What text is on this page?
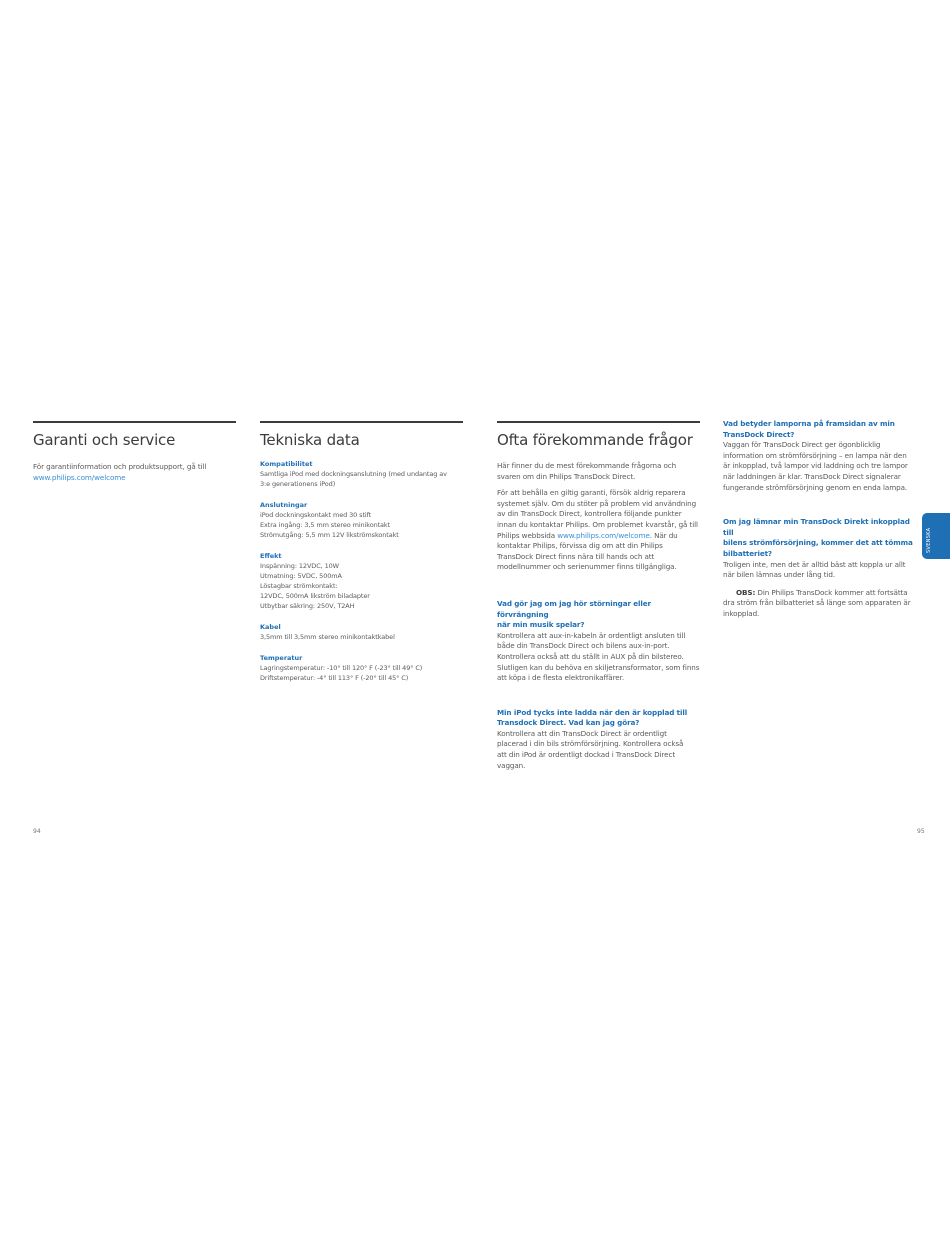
Garanti och service

För garantiinformation och produktsupport, gå till
www.philips.com/welcome

Tekniska data

Kompatibilitet

Samtliga iPod med dockningsanslutning (med undantag av
3:e generationens iPod)

Anslutningar

iPod dockningskontakt med 30 stift
Extra ingång: 3,5 mm stereo minikontakt
Strömutgång: 5,5 mm 12V likströmskontakt

Effekt

Inspänning: 12VDC, 10W
Utmatning: 5VDC, 500mA
Löstagbar strömkontakt:
12VDC, 500mA likström biladapter
Utbytbar säkring: 250V, T2AH

Kabel

3,5mm till 3,5mm stereo minikontaktkabel

Temperatur

Lagringstemperatur: -10° till 120° F (-23° till 49° C)
Driftstemperatur: -4° till 113° F (-20° till 45° C)

Ofta förekommande frågor

Här finner du de mest förekommande frågorna och
svaren om din Philips TransDock Direct.

För att behålla en giltig garanti, försök aldrig reparera
systemet själv. Om du stöter på problem vid användning
av din TransDock Direct, kontrollera följande punkter
innan du kontaktar Philips. Om problemet kvarstår, gå till
Philips webbsida www.philips.com/welcome. När du
kontaktar Philips, förvissa dig om att din Philips
TransDock Direct finns nära till hands och att
modellnummer och serienummer finns tillgängliga.

Vad gör jag om jag hör störningar eller förvrängning
när min musik spelar?

Kontrollera att aux-in-kabeln är ordentligt ansluten till
både din TransDock Direct och bilens aux-in-port.
Kontrollera också att du ställt in AUX på din bilstereo.
Slutligen kan du behöva en skiljetransformator, som finns
att köpa i de flesta elektronikaffärer.

Min iPod tycks inte ladda när den är kopplad till
Transdock Direct. Vad kan jag göra?

Kontrollera att din TransDock Direct är ordentligt
placerad i din bils strömförsörjning. Kontrollera också
att din iPod är ordentligt dockad i TransDock Direct
vaggan.

Vad betyder lamporna på framsidan av min
TransDock Direct?

Vaggan för TransDock Direct ger ögonblicklig
information om strömförsörjning – en lampa när den
är inkopplad, två lampor vid laddning och tre lampor
när laddningen är klar. TransDock Direct signalerar
fungerande strömförsörjning genom en enda lampa.

Om jag lämnar min TransDock Direkt inkopplad till
bilens strömförsörjning, kommer det att tömma
bilbatteriet?

Troligen inte, men det är alltid bäst att koppla ur allt
när bilen lämnas under lång tid.

OBS: Din Philips TransDock kommer att fortsätta
dra ström från bilbatteriet så länge som apparaten är
inkopplad.

SVENSKA
94	95
